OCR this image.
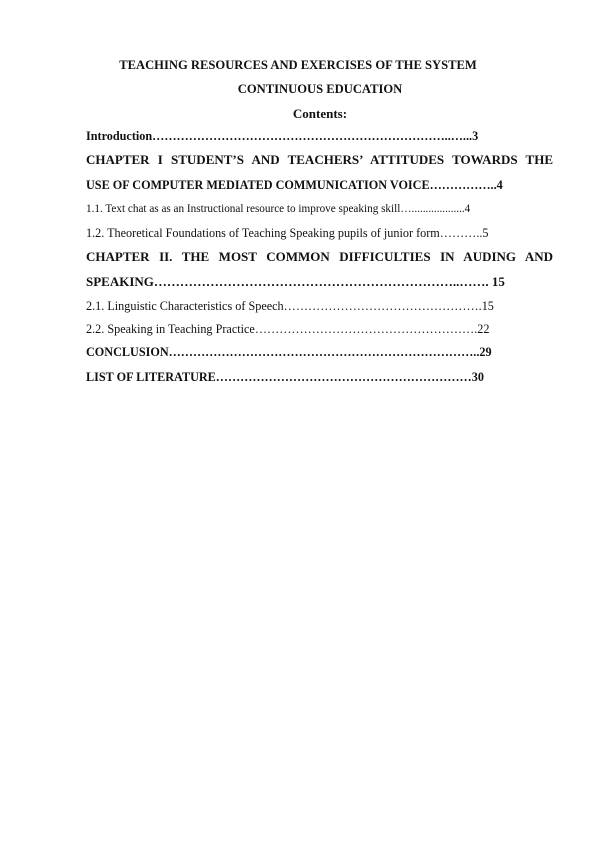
TEACHING RESOURCES AND EXERCISES OF THE SYSTEM
CONTINUOUS EDUCATION
Contents:
Introduction………………………………………………………………..…...3
CHAPTER I STUDENT’S AND TEACHERS’ ATTITUDES TOWARDS THE
USE OF COMPUTER MEDIATED COMMUNICATION VOICE……………..4
1.1. Text chat as as an Instructional resource to improve speaking skill…...................4
1.2. Theoretical Foundations of Teaching Speaking pupils of junior form………..5
CHAPTER II. THE MOST COMMON DIFFICULTIES IN AUDING AND
SPEAKING……………………………………………………………..……. 15
2.1. Linguistic Characteristics of Speech………………………………………….15
2.2. Speaking in Teaching Practice……………………………………………….22
CONCLUSION…………………………………………………………………..29
LIST OF LITERATURE………………………………………………………30
